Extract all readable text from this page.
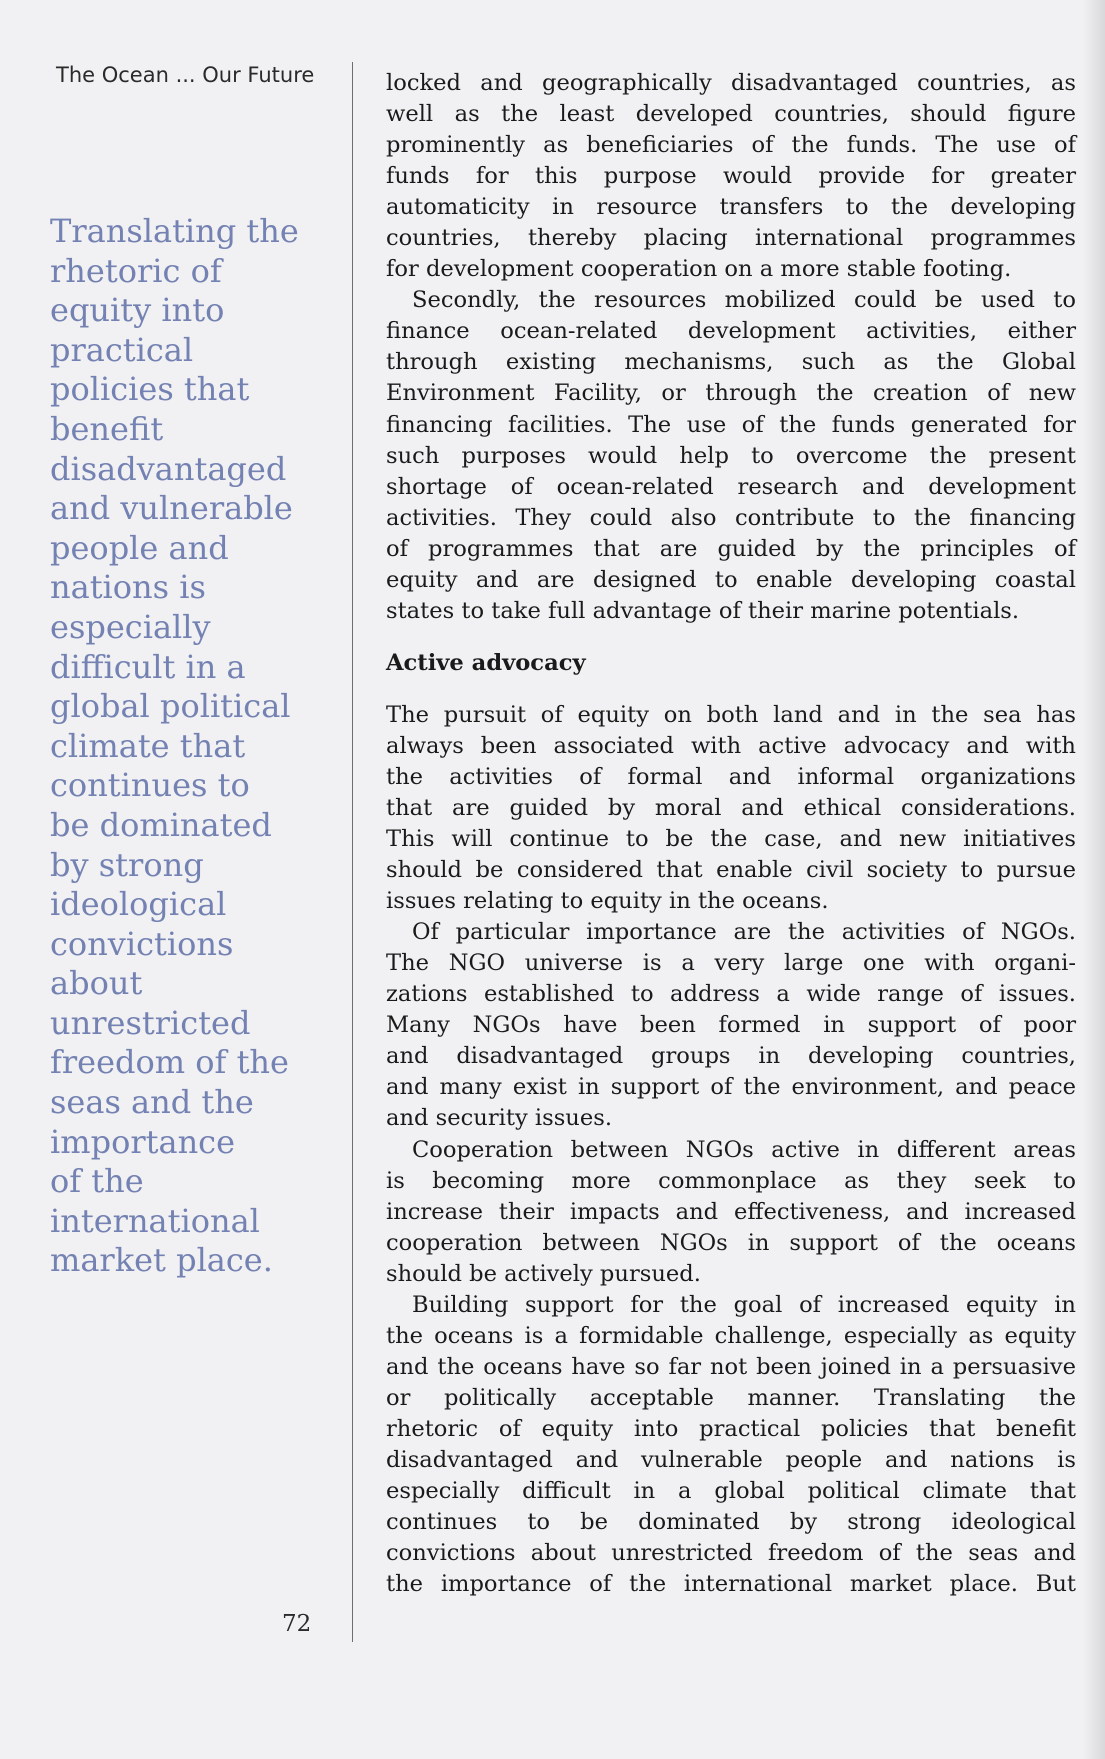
The Ocean ... Our Future
Translating the
rhetoric of
equity into
practical
policies that
benefit
disadvantaged
and vulnerable
people and
nations is
especially
difficult in a
global political
climate that
continues to
be dominated
by strong
ideological
convictions
about
unrestricted
freedom of the
seas and the
importance
of the
international
market place.
72
locked and geographically disadvantaged countries, as
well as the least developed countries, should figure
prominently as beneficiaries of the funds. The use of
funds for this purpose would provide for greater
automaticity in resource transfers to the developing
countries, thereby placing international programmes
for development cooperation on a more stable footing.
Secondly, the resources mobilized could be used to
finance ocean-related development activities, either
through existing mechanisms, such as the Global
Environment Facility, or through the creation of new
financing facilities. The use of the funds generated for
such purposes would help to overcome the present
shortage of ocean-related research and development
activities. They could also contribute to the financing
of programmes that are guided by the principles of
equity and are designed to enable developing coastal
states to take full advantage of their marine potentials.
Active advocacy
The pursuit of equity on both land and in the sea has
always been associated with active advocacy and with
the activities of formal and informal organizations
that are guided by moral and ethical considerations.
This will continue to be the case, and new initiatives
should be considered that enable civil society to pursue
issues relating to equity in the oceans.
Of particular importance are the activities of NGOs.
The NGO universe is a very large one with organi-
zations established to address a wide range of issues.
Many NGOs have been formed in support of poor
and disadvantaged groups in developing countries,
and many exist in support of the environment, and peace
and security issues.
Cooperation between NGOs active in different areas
is becoming more commonplace as they seek to
increase their impacts and effectiveness, and increased
cooperation between NGOs in support of the oceans
should be actively pursued.
Building support for the goal of increased equity in
the oceans is a formidable challenge, especially as equity
and the oceans have so far not been joined in a persuasive
or politically acceptable manner. Translating the
rhetoric of equity into practical policies that benefit
disadvantaged and vulnerable people and nations is
especially difficult in a global political climate that
continues to be dominated by strong ideological
convictions about unrestricted freedom of the seas and
the importance of the international market place. But
